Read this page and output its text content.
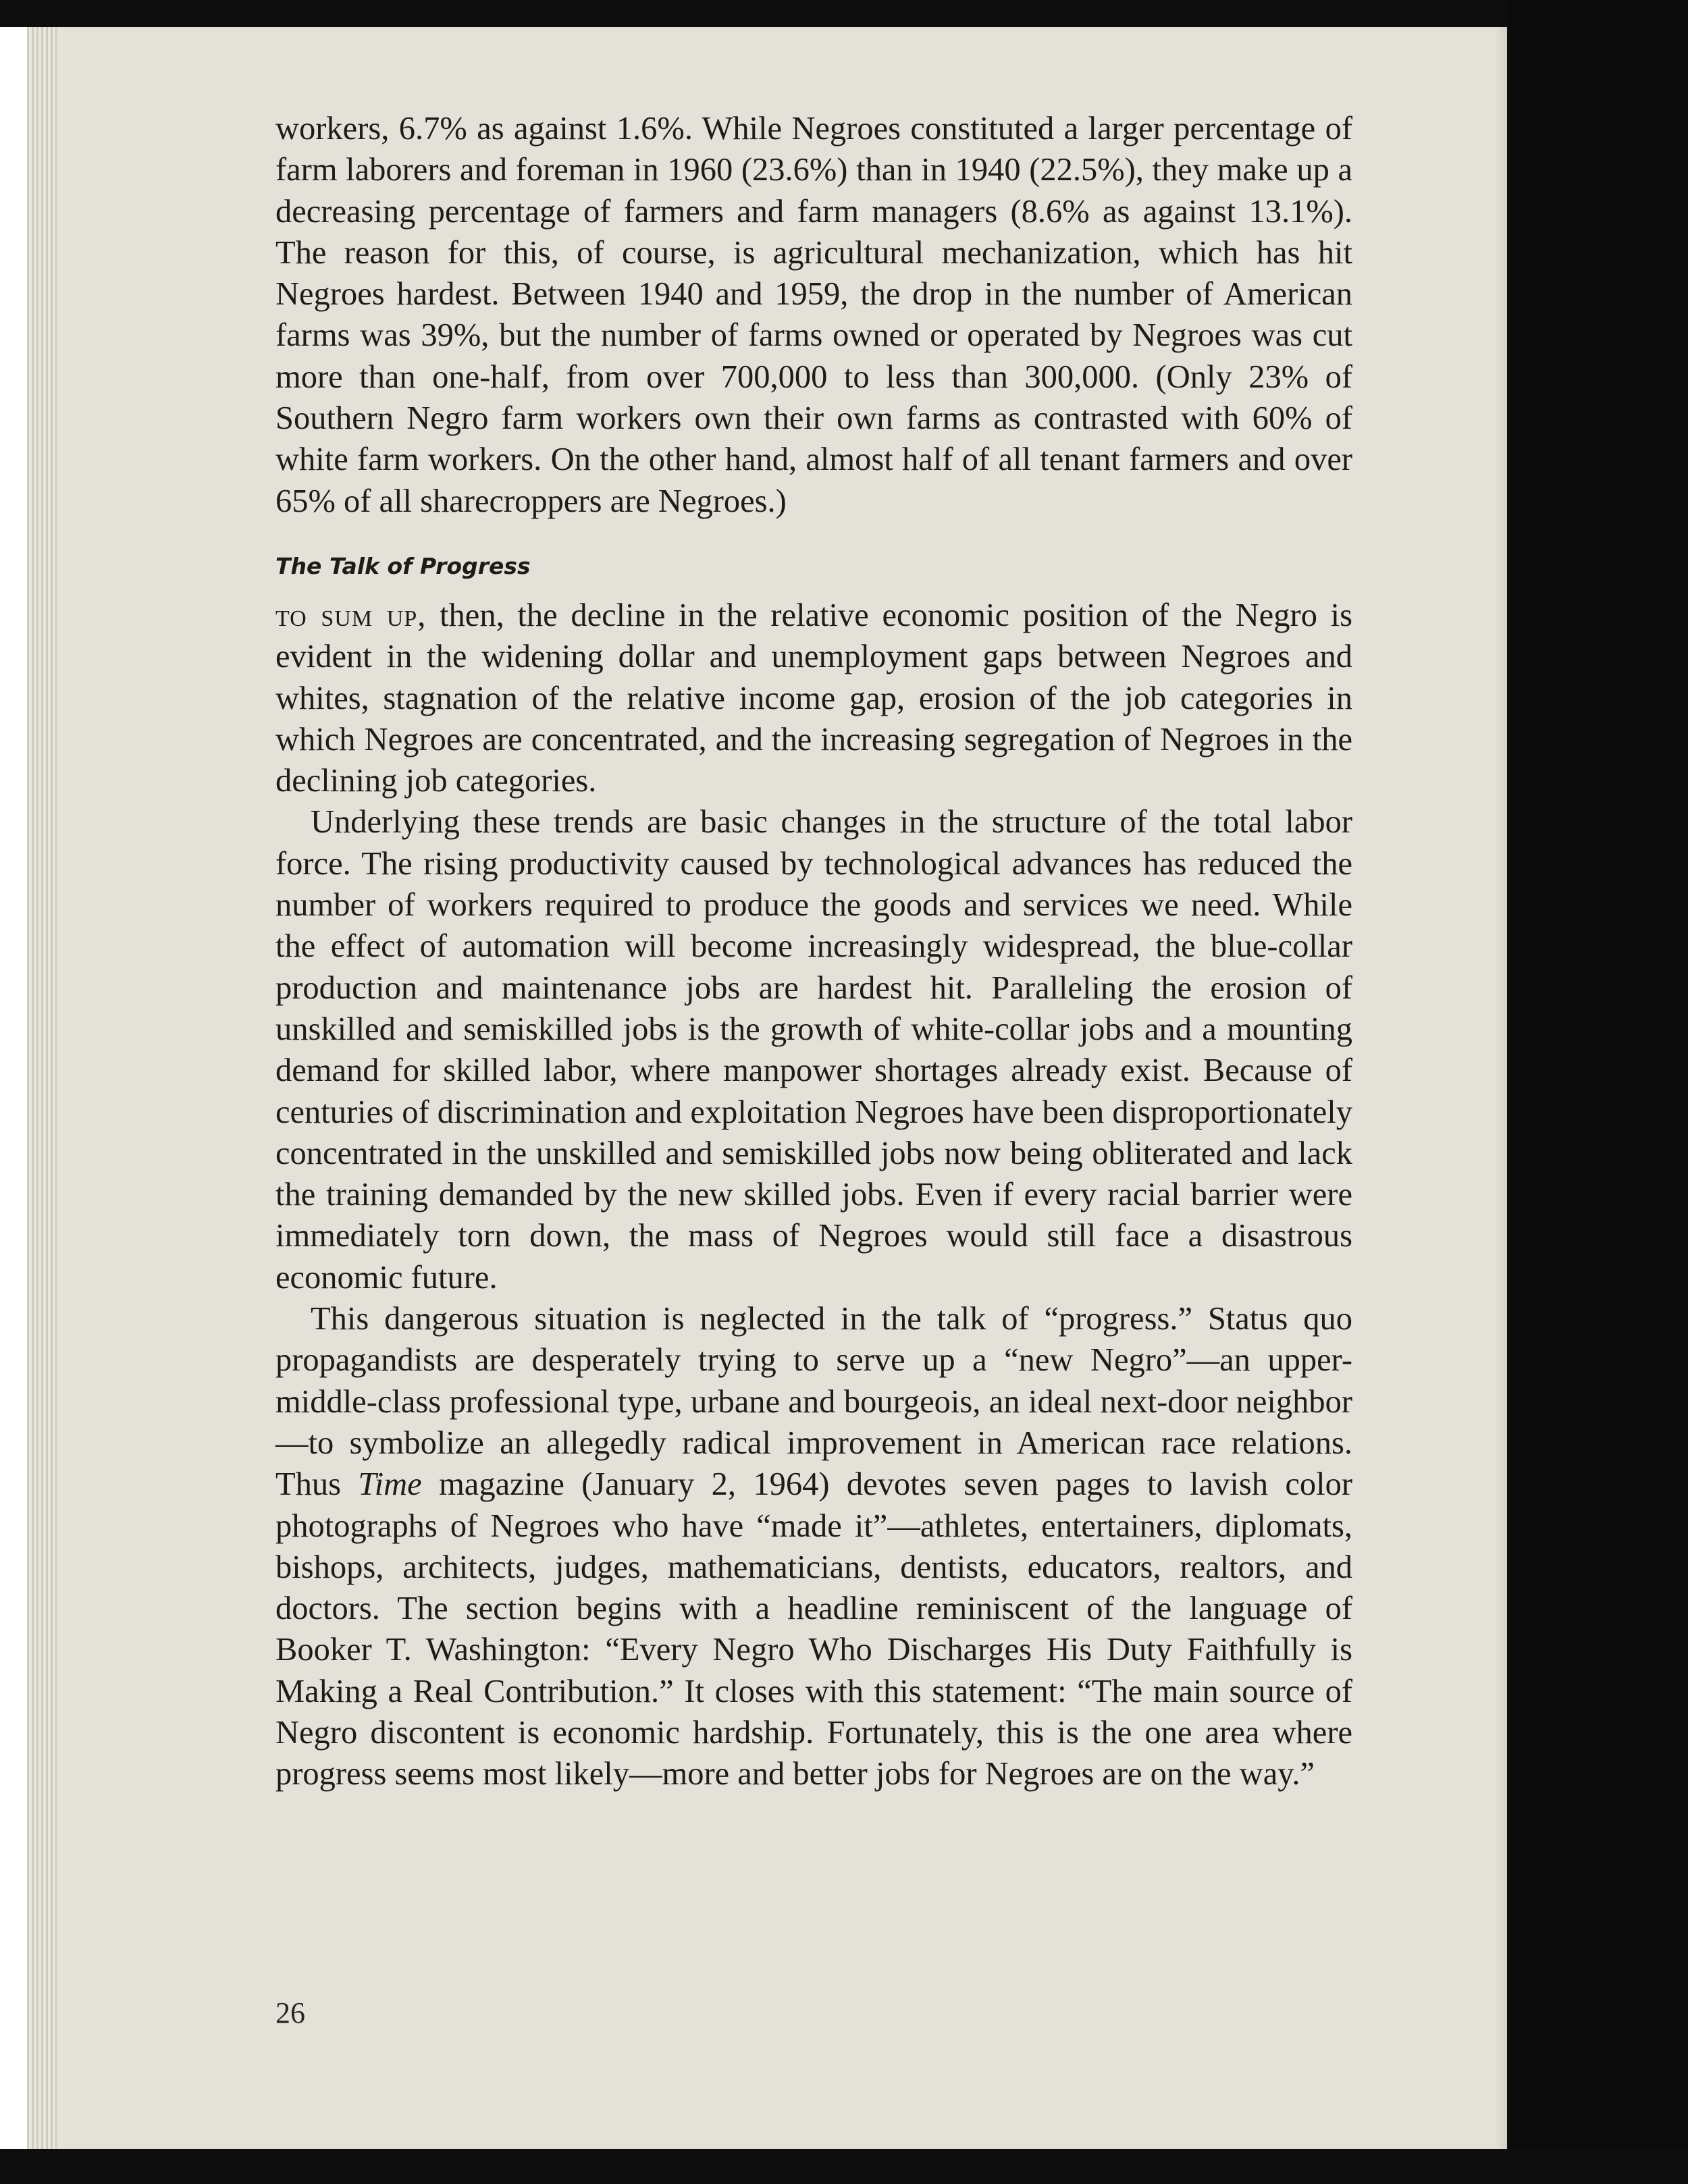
workers, 6.7% as against 1.6%. While Negroes constituted a larger percentage of farm laborers and foreman in 1960 (23.6%) than in 1940 (22.5%), they make up a decreasing percentage of farmers and farm managers (8.6% as against 13.1%). The reason for this, of course, is agricultural mechanization, which has hit Negroes hardest. Between 1940 and 1959, the drop in the number of American farms was 39%, but the number of farms owned or operated by Negroes was cut more than one-half, from over 700,000 to less than 300,000. (Only 23% of Southern Negro farm workers own their own farms as contrasted with 60% of white farm workers. On the other hand, almost half of all tenant farmers and over 65% of all sharecroppers are Negroes.)

The Talk of Progress

to sum up, then, the decline in the relative economic position of the Negro is evident in the widening dollar and unemployment gaps between Negroes and whites, stagnation of the relative income gap, erosion of the job categories in which Negroes are concentrated, and the increasing segregation of Negroes in the declining job categories.

Underlying these trends are basic changes in the structure of the total labor force. The rising productivity caused by technological advances has reduced the number of workers required to produce the goods and services we need. While the effect of automation will become increasingly widespread, the blue-collar production and maintenance jobs are hardest hit. Paralleling the erosion of unskilled and semiskilled jobs is the growth of white-collar jobs and a mounting demand for skilled labor, where manpower shortages already exist. Because of centuries of discrimination and exploitation Negroes have been disproportionately concentrated in the unskilled and semiskilled jobs now being obliterated and lack the training demanded by the new skilled jobs. Even if every racial barrier were immediately torn down, the mass of Negroes would still face a disastrous economic future.

This dangerous situation is neglected in the talk of “progress.” Status quo propagandists are desperately trying to serve up a “new Negro”—an upper-middle-class professional type, urbane and bourgeois, an ideal next-door neighbor—to symbolize an allegedly radical improvement in American race relations. Thus Time magazine (January 2, 1964) devotes seven pages to lavish color photographs of Negroes who have “made it”—athletes, entertainers, diplomats, bishops, architects, judges, mathematicians, dentists, educators, realtors, and doctors. The section begins with a headline reminiscent of the language of Booker T. Washington: “Every Negro Who Discharges His Duty Faithfully is Making a Real Contribution.” It closes with this statement: “The main source of Negro discontent is economic hardship. Fortunately, this is the one area where progress seems most likely—more and better jobs for Negroes are on the way.”

26
